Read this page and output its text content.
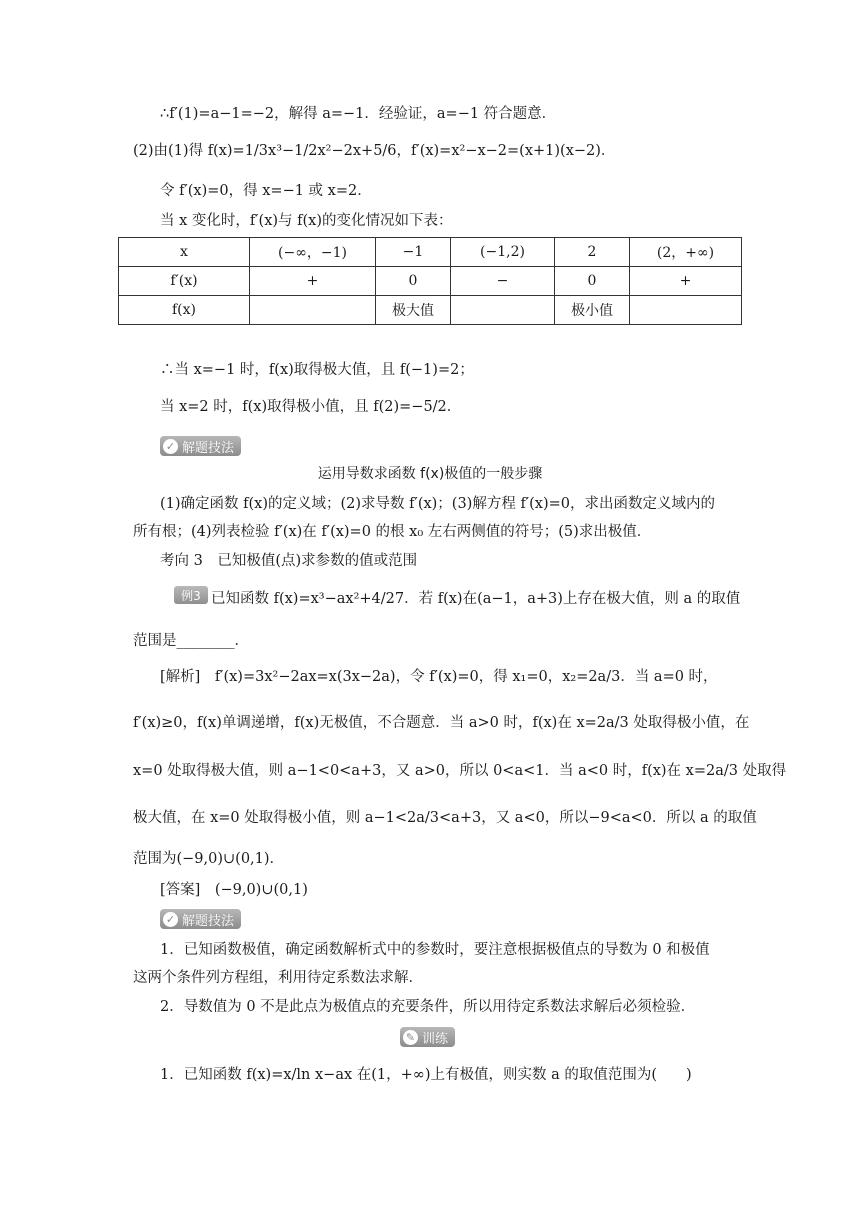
∴f′(1)=a−1=−2，解得 a=−1．经验证，a=−1 符合题意．
(2)由(1)得 f(x)=1/3x³−1/2x²−2x+5/6，f′(x)=x²−x−2=(x+1)(x−2)．
令 f′(x)=0，得 x=−1 或 x=2．
当 x 变化时，f′(x)与 f(x)的变化情况如下表：
x	(−∞，−1)	−1	(−1,2)	2	(2，+∞)
f′(x)	+	0	−	0	+
f(x)		极大值		极小值	
∴当 x=−1 时，f(x)取得极大值，且 f(−1)=2；
当 x=2 时，f(x)取得极小值，且 f(2)=−5/2．
✓ 解题技法
运用导数求函数 f(x)极值的一般步骤
(1)确定函数 f(x)的定义域；(2)求导数 f′(x)；(3)解方程 f′(x)=0，求出函数定义域内的
所有根；(4)列表检验 f′(x)在 f′(x)=0 的根 x₀ 左右两侧值的符号；(5)求出极值．
考向 3　已知极值(点)求参数的值或范围
例3 已知函数 f(x)=x³−ax²+4/27．若 f(x)在(a−1，a+3)上存在极大值，则 a 的取值
范围是________．
[解析]　f′(x)=3x²−2ax=x(3x−2a)，令 f′(x)=0，得 x₁=0，x₂=2a/3．当 a=0 时，
f′(x)≥0，f(x)单调递增，f(x)无极值，不合题意．当 a>0 时，f(x)在 x=2a/3 处取得极小值，在
x=0 处取得极大值，则 a−1<0<a+3，又 a>0，所以 0<a<1．当 a<0 时，f(x)在 x=2a/3 处取得
极大值，在 x=0 处取得极小值，则 a−1<2a/3<a+3，又 a<0，所以−9<a<0．所以 a 的取值
范围为(−9,0)∪(0,1)．
[答案]　(−9,0)∪(0,1)
✓ 解题技法
1．已知函数极值，确定函数解析式中的参数时，要注意根据极值点的导数为 0 和极值
这两个条件列方程组，利用待定系数法求解．
2．导数值为 0 不是此点为极值点的充要条件，所以用待定系数法求解后必须检验．
✎ 训练
1．已知函数 f(x)=x/ln x−ax 在(1，+∞)上有极值，则实数 a 的取值范围为(　　)
